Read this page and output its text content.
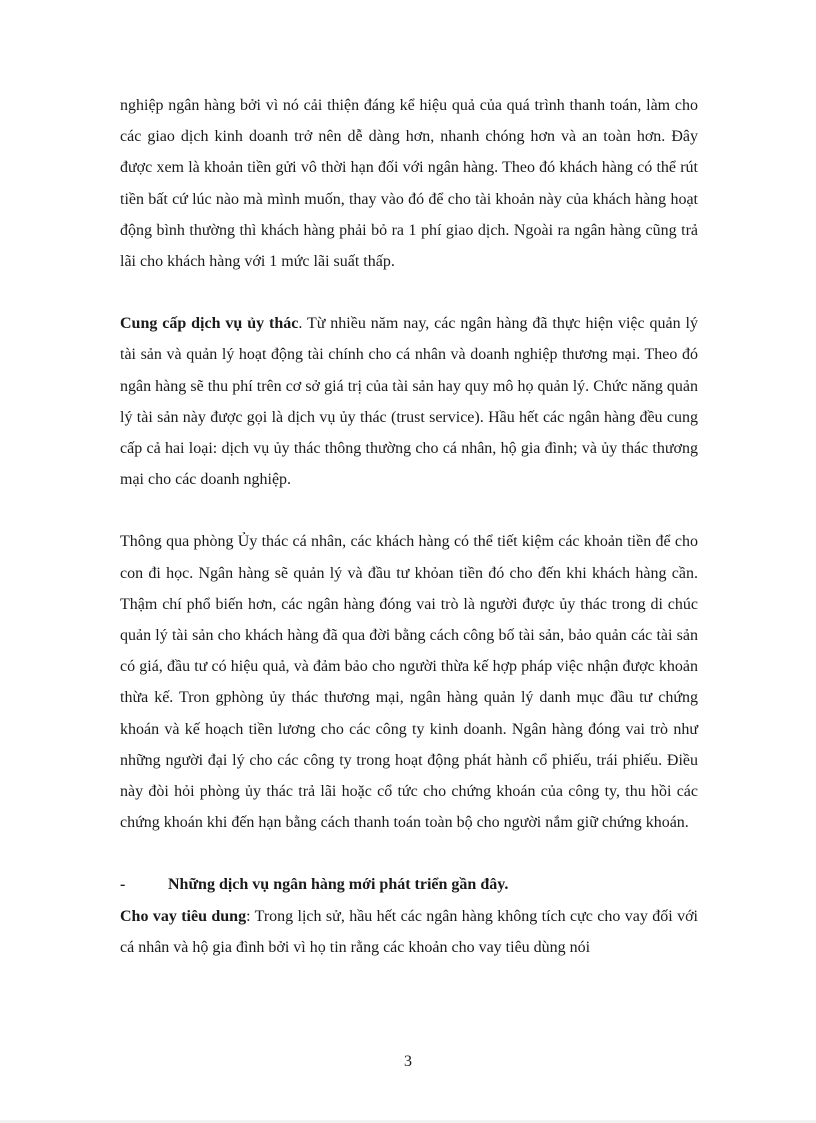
nghiệp ngân hàng bởi vì nó cải thiện đáng kể hiệu quả của quá trình thanh toán, làm cho các giao dịch kinh doanh trở nên dễ dàng hơn, nhanh chóng hơn và an toàn hơn. Đây được xem là khoản tiền gửi vô thời hạn đối với ngân hàng. Theo đó khách hàng có thể rút tiền bất cứ lúc nào mà mình muốn, thay vào đó để cho tài khoản này của khách hàng hoạt động bình thường thì khách hàng phải bỏ ra 1 phí giao dịch. Ngoài ra ngân hàng cũng trả lãi cho khách hàng với 1 mức lãi suất thấp.

Cung cấp dịch vụ ủy thác. Từ nhiều năm nay, các ngân hàng đã thực hiện việc quản lý tài sản và quản lý hoạt động tài chính cho cá nhân và doanh nghiệp thương mại. Theo đó ngân hàng sẽ thu phí trên cơ sở giá trị của tài sản hay quy mô họ quản lý. Chức năng quản lý tài sản này được gọi là dịch vụ ủy thác (trust service). Hầu hết các ngân hàng đều cung cấp cả hai loại: dịch vụ ủy thác thông thường cho cá nhân, hộ gia đình; và ủy thác thương mại cho các doanh nghiệp.

Thông qua phòng Ủy thác cá nhân, các khách hàng có thể tiết kiệm các khoản tiền để cho con đi học. Ngân hàng sẽ quản lý và đầu tư khỏan tiền đó cho đến khi khách hàng cần. Thậm chí phổ biến hơn, các ngân hàng đóng vai trò là người được ủy thác trong di chúc quản lý tài sản cho khách hàng đã qua đời bằng cách công bố tài sản, bảo quản các tài sản có giá, đầu tư có hiệu quả, và đảm bảo cho người thừa kế hợp pháp việc nhận được khoản thừa kế. Tron gphòng ủy thác thương mại, ngân hàng quản lý danh mục đầu tư chứng khoán và kế hoạch tiền lương cho các công ty kinh doanh. Ngân hàng đóng vai trò như những người đại lý cho các công ty trong hoạt động phát hành cổ phiếu, trái phiếu. Điều này đòi hỏi phòng ủy thác trả lãi hoặc cổ tức cho chứng khoán của công ty, thu hồi các chứng khoán khi đến hạn bằng cách thanh toán toàn bộ cho người nắm giữ chứng khoán.

-	Những dịch vụ ngân hàng mới phát triển gần đây.

Cho vay tiêu dung: Trong lịch sử, hầu hết các ngân hàng không tích cực cho vay đối với cá nhân và hộ gia đình bởi vì họ tin rằng các khoản cho vay tiêu dùng nói

3
